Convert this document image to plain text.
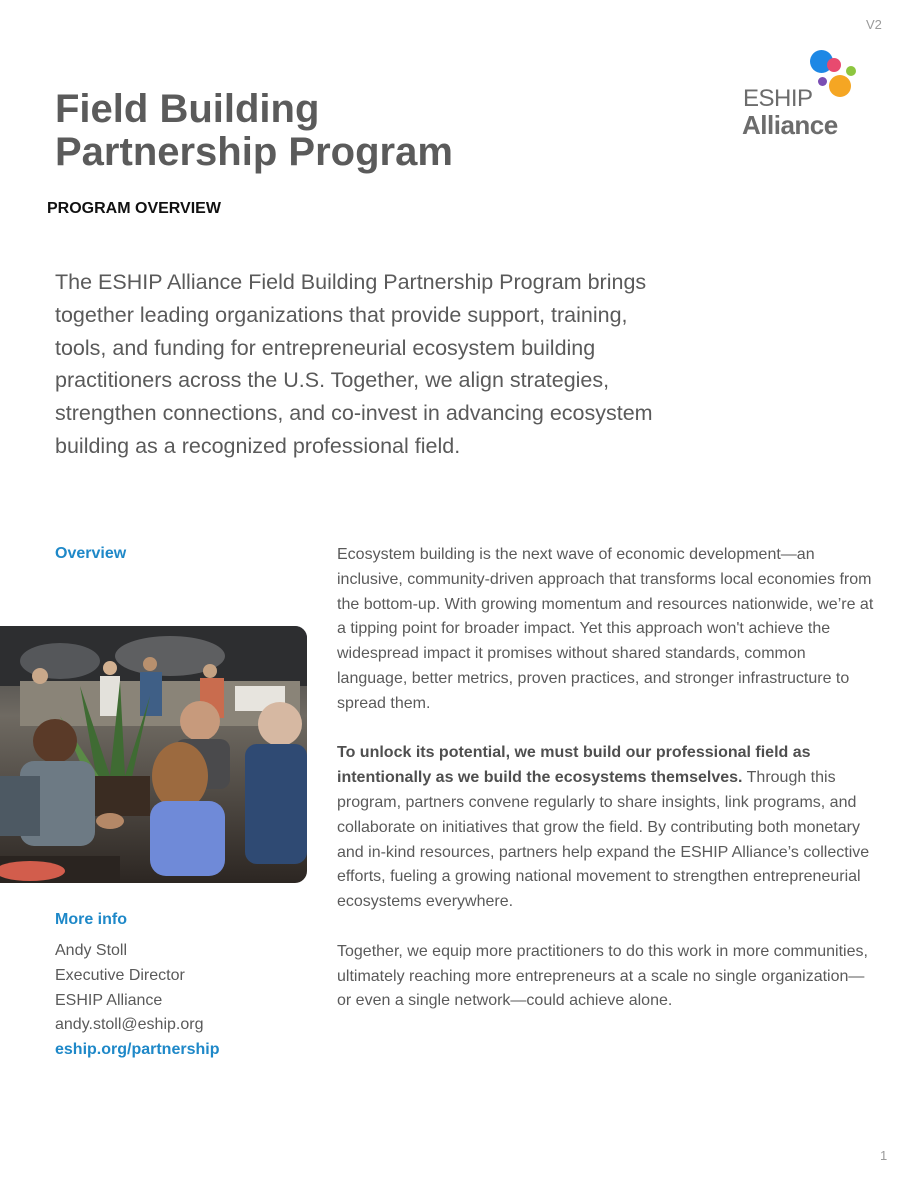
V2
ESHIP
Alliance
Field Building
Partnership Program
PROGRAM OVERVIEW

The ESHIP Alliance Field Building Partnership Program brings together leading organizations that provide support, training, tools, and funding for entrepreneurial ecosystem building practitioners across the U.S. Together, we align strategies, strengthen connections, and co-invest in advancing ecosystem building as a recognized professional field.

Overview
More info
Andy Stoll
Executive Director
ESHIP Alliance
andy.stoll@eship.org
eship.org/partnership

Ecosystem building is the next wave of economic development—an inclusive, community-driven approach that transforms local economies from the bottom-up. With growing momentum and resources nationwide, we’re at a tipping point for broader impact. Yet this approach won't achieve the widespread impact it promises without shared standards, common language, better metrics, proven practices, and stronger infrastructure to spread them.

To unlock its potential, we must build our professional field as intentionally as we build the ecosystems themselves. Through this program, partners convene regularly to share insights, link programs, and collaborate on initiatives that grow the field. By contributing both monetary and in-kind resources, partners help expand the ESHIP Alliance’s collective efforts, fueling a growing national movement to strengthen entrepreneurial ecosystems everywhere.

Together, we equip more practitioners to do this work in more communities, ultimately reaching more entrepreneurs at a scale no single organization—or even a single network—could achieve alone.

1
